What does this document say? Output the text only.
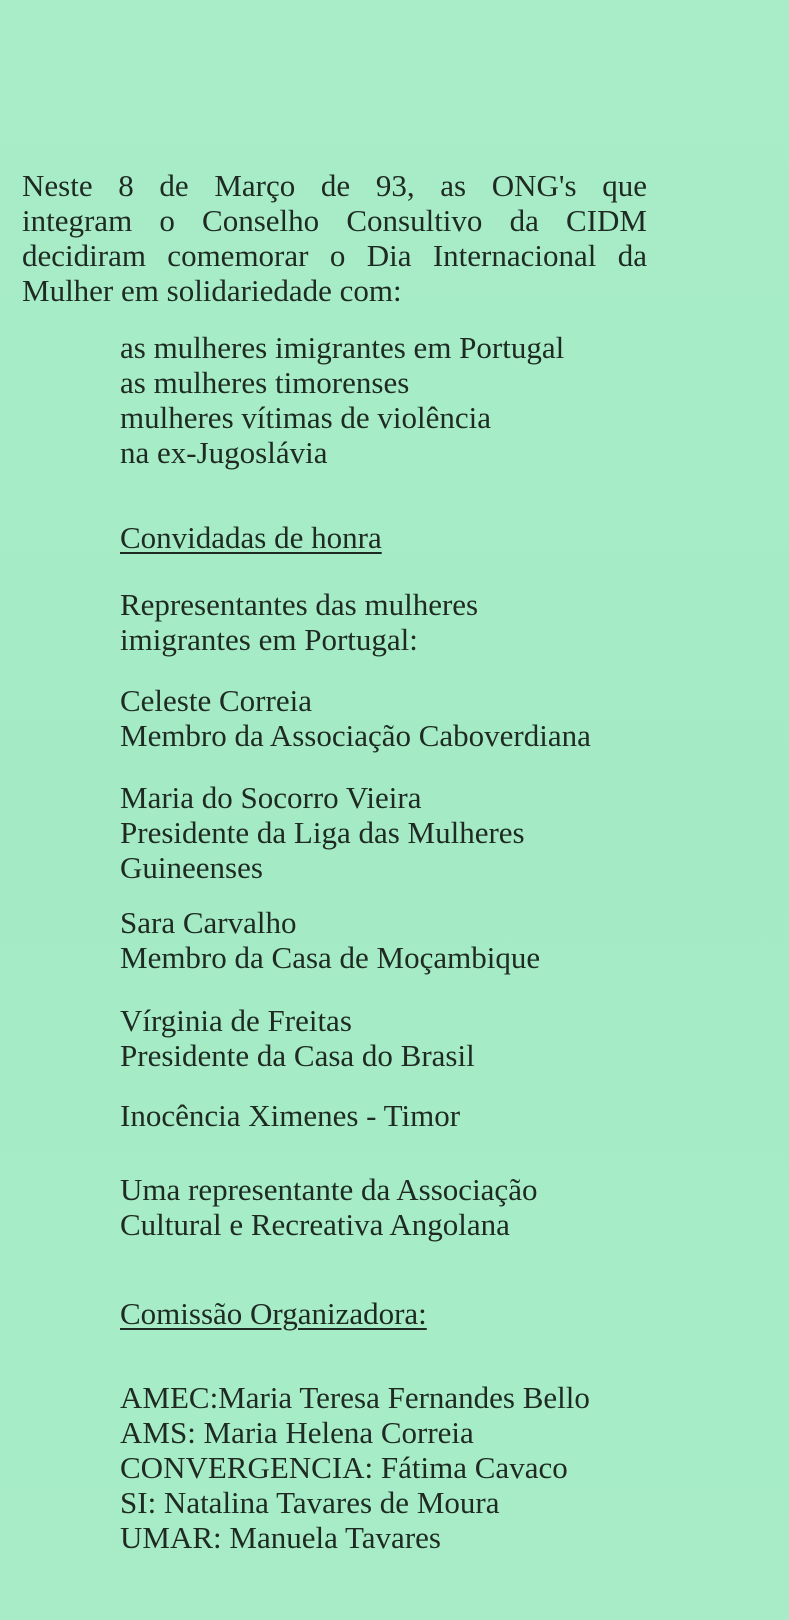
Neste 8 de Março de 93, as ONG's que
integram o Conselho Consultivo da CIDM
decidiram comemorar o Dia Internacional da
Mulher em solidariedade com:
as mulheres imigrantes em Portugal
as mulheres timorenses
mulheres vítimas de violência
na ex-Jugoslávia
Convidadas de honra
Representantes das mulheres
imigrantes em Portugal:
Celeste Correia
Membro da Associação Caboverdiana
Maria do Socorro Vieira
Presidente da Liga das Mulheres
Guineenses
Sara Carvalho
Membro da Casa de Moçambique
Vírginia de Freitas
Presidente da Casa do Brasil
Inocência Ximenes - Timor
Uma representante da Associação
Cultural e Recreativa Angolana
Comissão Organizadora:
AMEC:Maria Teresa Fernandes Bello
AMS: Maria Helena Correia
CONVERGENCIA: Fátima Cavaco
SI: Natalina Tavares de Moura
UMAR: Manuela Tavares
